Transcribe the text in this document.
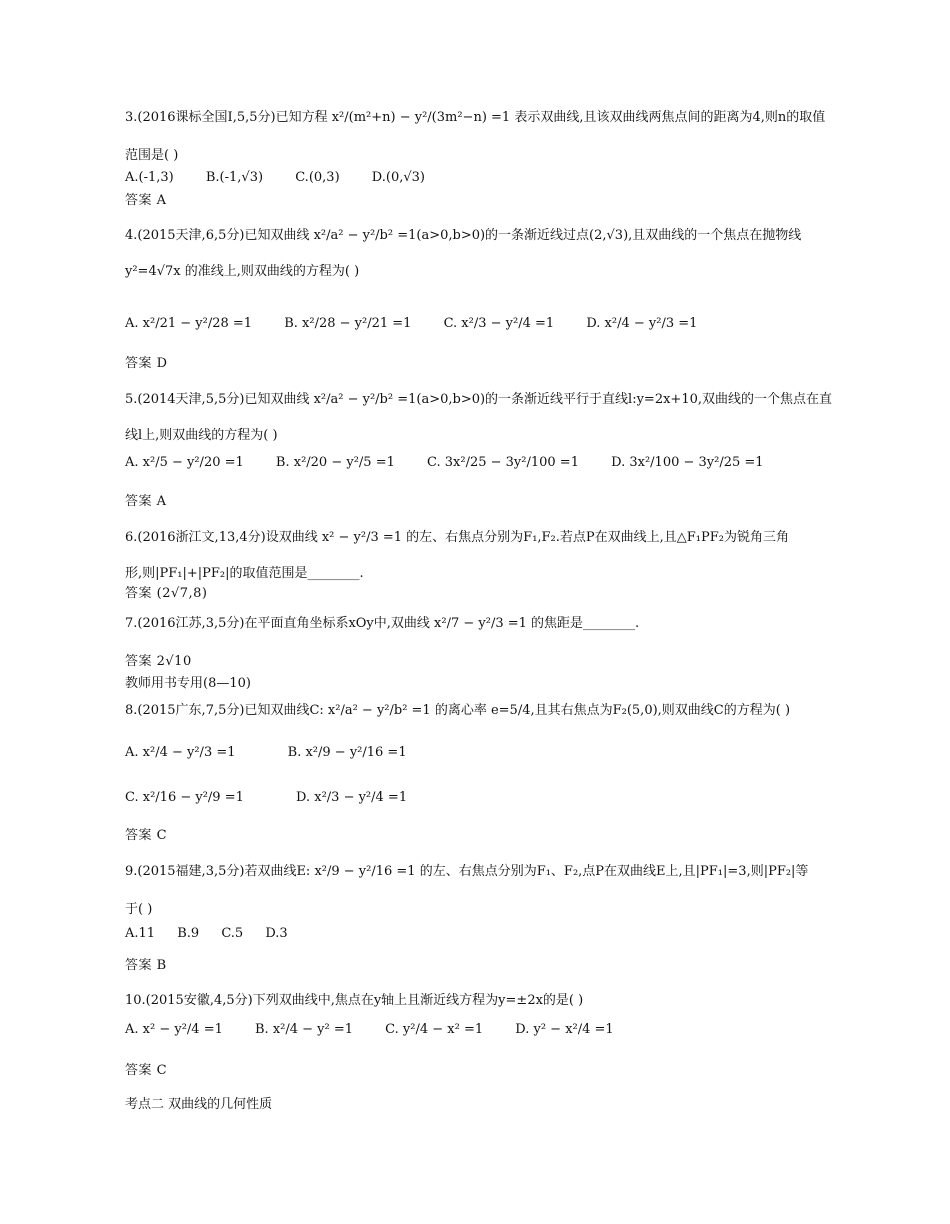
3.(2016课标全国Ⅰ,5,5分)已知方程 x²/(m²+n) − y²/(3m²−n) =1 表示双曲线,且该双曲线两焦点间的距离为4,则n的取值
范围是( )
A.(-1,3) B.(-1,√3) C.(0,3) D.(0,√3)
答案 A
4.(2015天津,6,5分)已知双曲线 x²/a² − y²/b² =1(a>0,b>0)的一条渐近线过点(2,√3),且双曲线的一个焦点在抛物线
y²=4√7x 的准线上,则双曲线的方程为( )
A. x²/21 − y²/28 =1 B. x²/28 − y²/21 =1 C. x²/3 − y²/4 =1 D. x²/4 − y²/3 =1
答案 D
5.(2014天津,5,5分)已知双曲线 x²/a² − y²/b² =1(a>0,b>0)的一条渐近线平行于直线l:y=2x+10,双曲线的一个焦点在直
线l上,则双曲线的方程为( )
A. x²/5 − y²/20 =1 B. x²/20 − y²/5 =1 C. 3x²/25 − 3y²/100 =1 D. 3x²/100 − 3y²/25 =1
答案 A
6.(2016浙江文,13,4分)设双曲线 x² − y²/3 =1 的左、右焦点分别为F₁,F₂.若点P在双曲线上,且△F₁PF₂为锐角三角
形,则|PF₁|+|PF₂|的取值范围是________.
答案 (2√7,8)
7.(2016江苏,3,5分)在平面直角坐标系xOy中,双曲线 x²/7 − y²/3 =1 的焦距是________.
答案 2√10
教师用书专用(8—10)
8.(2015广东,7,5分)已知双曲线C: x²/a² − y²/b² =1 的离心率 e=5/4,且其右焦点为F₂(5,0),则双曲线C的方程为( )
A. x²/4 − y²/3 =1	B. x²/9 − y²/16 =1
C. x²/16 − y²/9 =1	D. x²/3 − y²/4 =1
答案 C
9.(2015福建,3,5分)若双曲线E: x²/9 − y²/16 =1 的左、右焦点分别为F₁、F₂,点P在双曲线E上,且|PF₁|=3,则|PF₂|等
于( )
A.11 B.9 C.5 D.3
答案 B
10.(2015安徽,4,5分)下列双曲线中,焦点在y轴上且渐近线方程为y=±2x的是( )
A. x² − y²/4 =1 B. x²/4 − y² =1 C. y²/4 − x² =1 D. y² − x²/4 =1
答案 C
考点二 双曲线的几何性质
